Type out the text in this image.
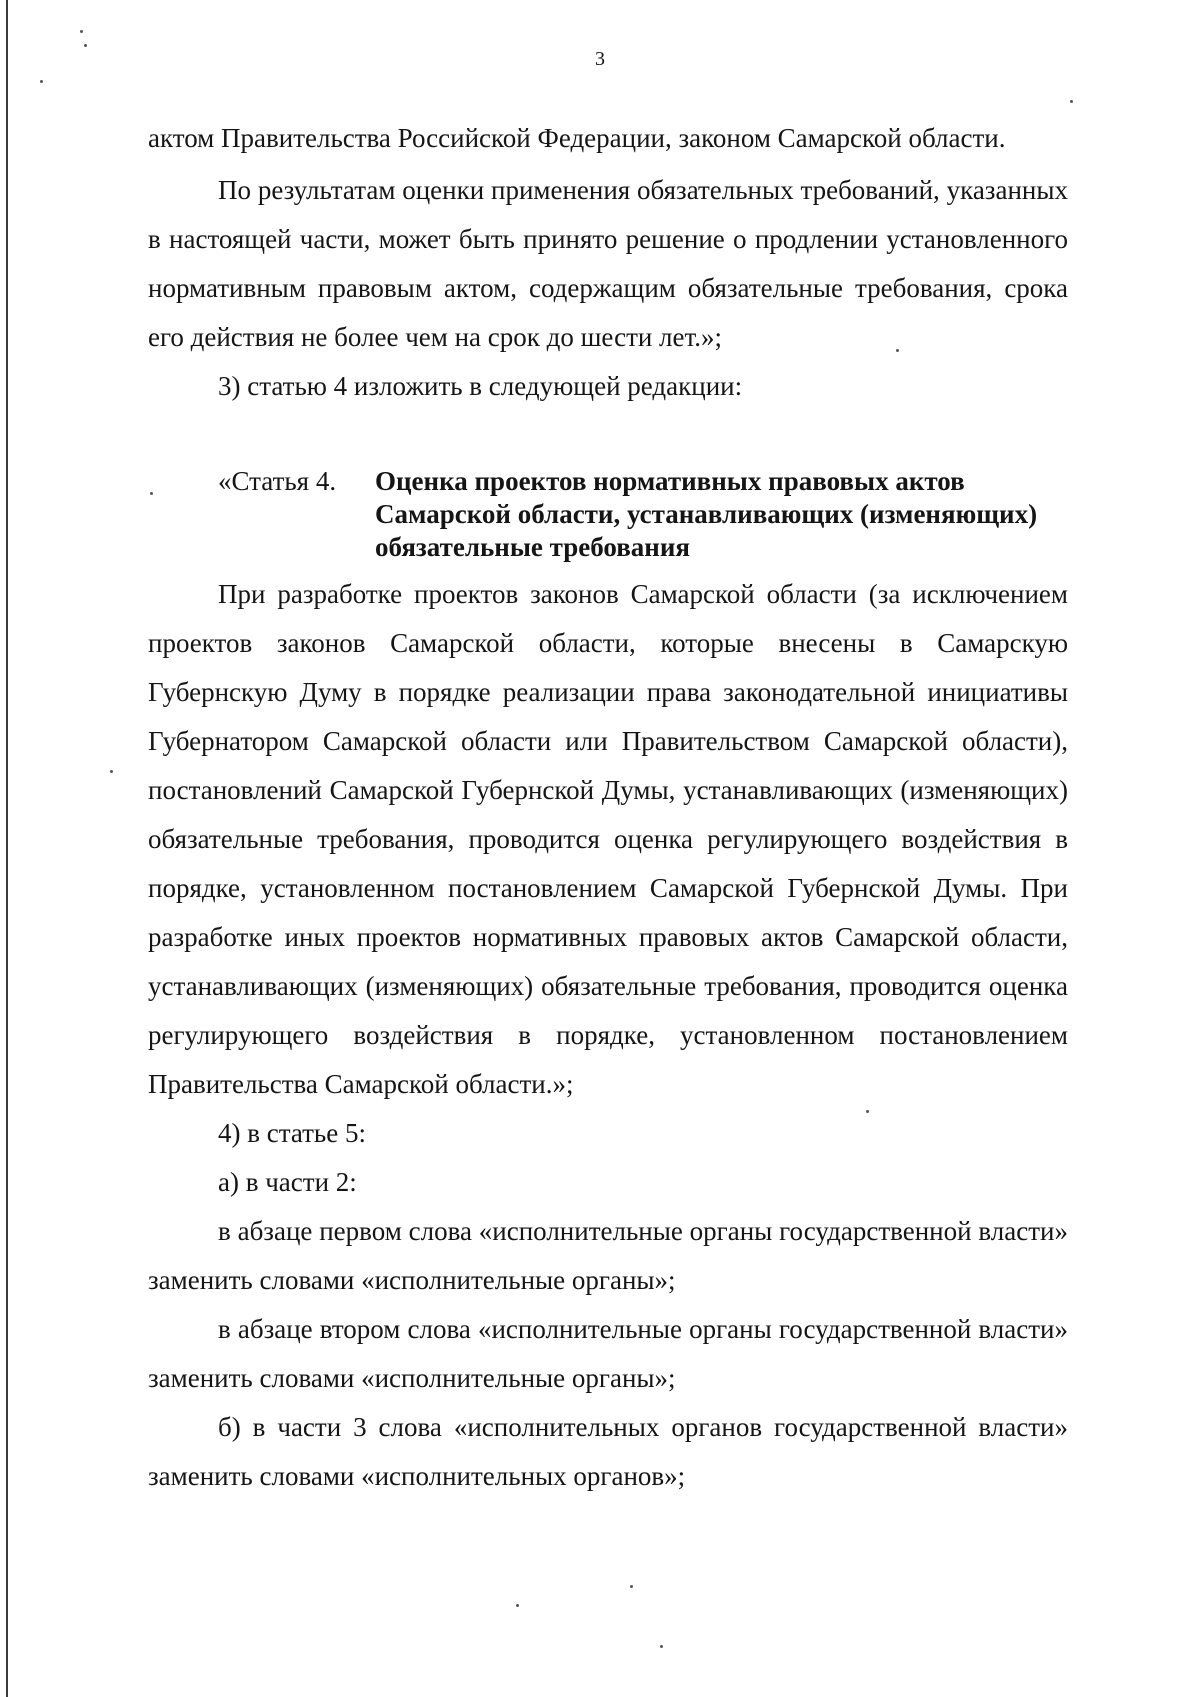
3

актом Правительства Российской Федерации, законом Самарской области.

По результатам оценки применения обязательных требований, указанных в настоящей части, может быть принято решение о продлении установленного нормативным правовым актом, содержащим обязательные требования, срока его действия не более чем на срок до шести лет.»;

3) статью 4 изложить в следующей редакции:

«Статья 4.	Оценка проектов нормативных правовых актов Самарской области, устанавливающих (изменяющих) обязательные требования

При разработке проектов законов Самарской области (за исключением проектов законов Самарской области, которые внесены в Самарскую Губернскую Думу в порядке реализации права законодательной инициативы Губернатором Самарской области или Правительством Самарской области), постановлений Самарской Губернской Думы, устанавливающих (изменяющих) обязательные требования, проводится оценка регулирующего воздействия в порядке, установленном постановлением Самарской Губернской Думы. При разработке иных проектов нормативных правовых актов Самарской области, устанавливающих (изменяющих) обязательные требования, проводится оценка регулирующего воздействия в порядке, установленном постановлением Правительства Самарской области.»;

4) в статье 5:

а) в части 2:

в абзаце первом слова «исполнительные органы государственной власти» заменить словами «исполнительные органы»;

в абзаце втором слова «исполнительные органы государственной власти» заменить словами «исполнительные органы»;

б) в части 3 слова «исполнительных органов государственной власти» заменить словами «исполнительных органов»;
